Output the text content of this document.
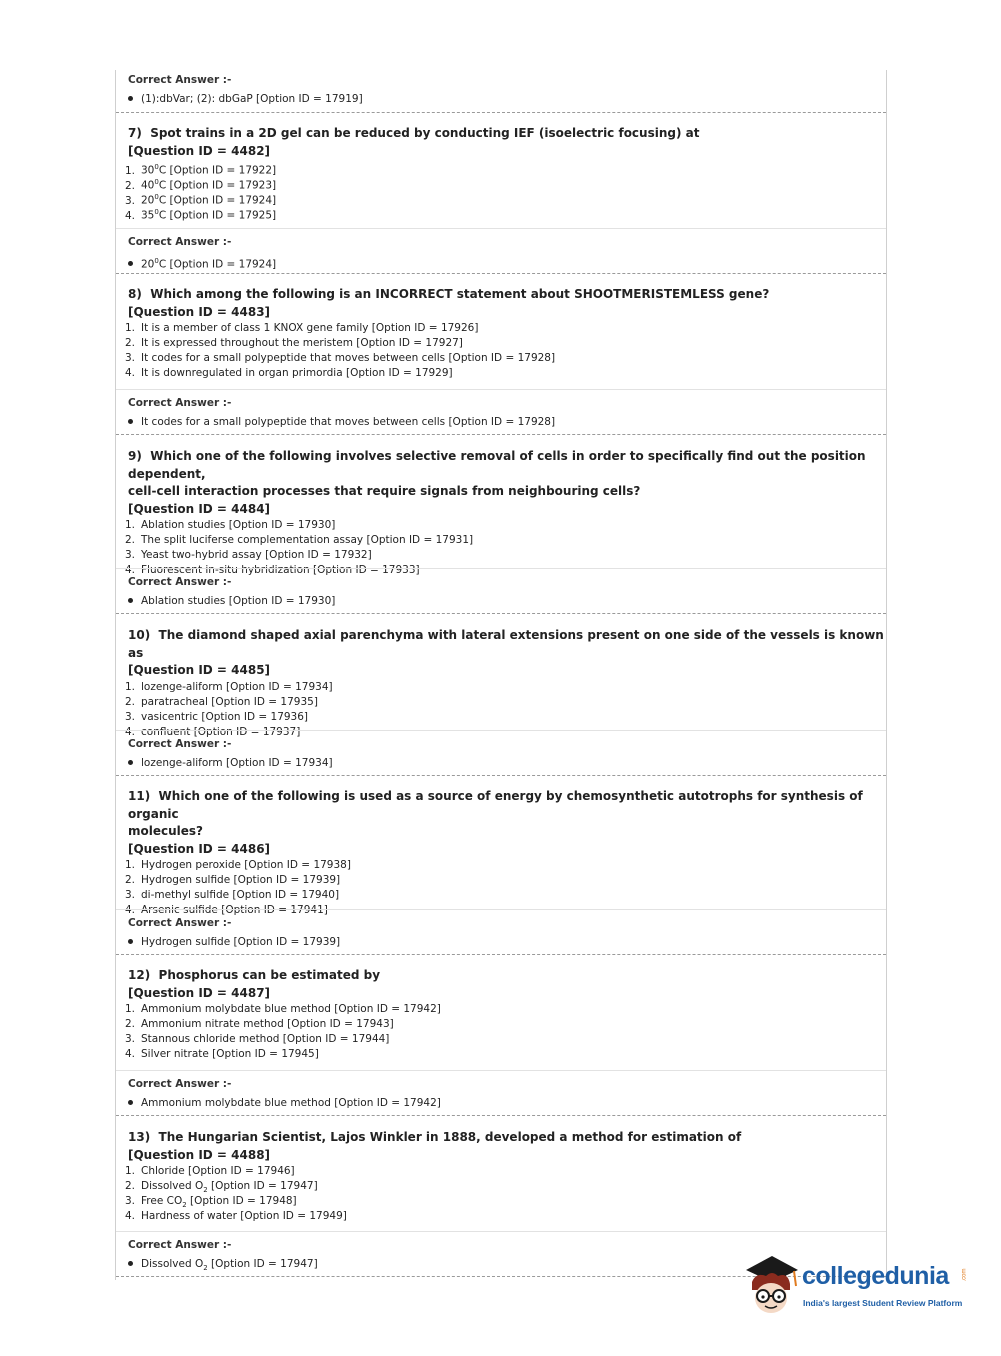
Correct Answer :-
(1):dbVar; (2): dbGaP [Option ID = 17919]
7) Spot trains in a 2D gel can be reduced by conducting IEF (isoelectric focusing) at
[Question ID = 4482]
1. $30^0C$ [Option ID = 17922]
2. $40^0C$ [Option ID = 17923]
3. $20^0C$ [Option ID = 17924]
4. $35^0C$ [Option ID = 17925]
Correct Answer :-
$20^0C$ [Option ID = 17924]
8) Which among the following is an INCORRECT statement about SHOOTMERISTEMLESS gene?
[Question ID = 4483]
1. It is a member of class 1 KNOX gene family [Option ID = 17926]
2. It is expressed throughout the meristem [Option ID = 17927]
3. It codes for a small polypeptide that moves between cells [Option ID = 17928]
4. It is downregulated in organ primordia [Option ID = 17929]
Correct Answer :-
It codes for a small polypeptide that moves between cells [Option ID = 17928]
9) Which one of the following involves selective removal of cells in order to specifically find out the position dependent,
cell-cell interaction processes that require signals from neighbouring cells?
[Question ID = 4484]
1. Ablation studies [Option ID = 17930]
2. The split luciferse complementation assay [Option ID = 17931]
3. Yeast two-hybrid assay [Option ID = 17932]
4. Fluorescent in-situ hybridization [Option ID = 17933]
Correct Answer :-
Ablation studies [Option ID = 17930]
10) The diamond shaped axial parenchyma with lateral extensions present on one side of the vessels is known as
[Question ID = 4485]
1. lozenge-aliform [Option ID = 17934]
2. paratracheal [Option ID = 17935]
3. vasicentric [Option ID = 17936]
4. confluent [Option ID = 17937]
Correct Answer :-
lozenge-aliform [Option ID = 17934]
11) Which one of the following is used as a source of energy by chemosynthetic autotrophs for synthesis of organic
molecules?
[Question ID = 4486]
1. Hydrogen peroxide [Option ID = 17938]
2. Hydrogen sulfide [Option ID = 17939]
3. di-methyl sulfide [Option ID = 17940]
4. Arsenic sulfide [Option ID = 17941]
Correct Answer :-
Hydrogen sulfide [Option ID = 17939]
12) Phosphorus can be estimated by
[Question ID = 4487]
1. Ammonium molybdate blue method [Option ID = 17942]
2. Ammonium nitrate method [Option ID = 17943]
3. Stannous chloride method [Option ID = 17944]
4. Silver nitrate [Option ID = 17945]
Correct Answer :-
Ammonium molybdate blue method [Option ID = 17942]
13) The Hungarian Scientist, Lajos Winkler in 1888, developed a method for estimation of
[Question ID = 4488]
1. Chloride [Option ID = 17946]
2. Dissolved $O_2$ [Option ID = 17947]
3. Free $CO_2$ [Option ID = 17948]
4. Hardness of water [Option ID = 17949]
Correct Answer :-
Dissolved $O_2$ [Option ID = 17947]	collegedunia .com
India's largest Student Review Platform
